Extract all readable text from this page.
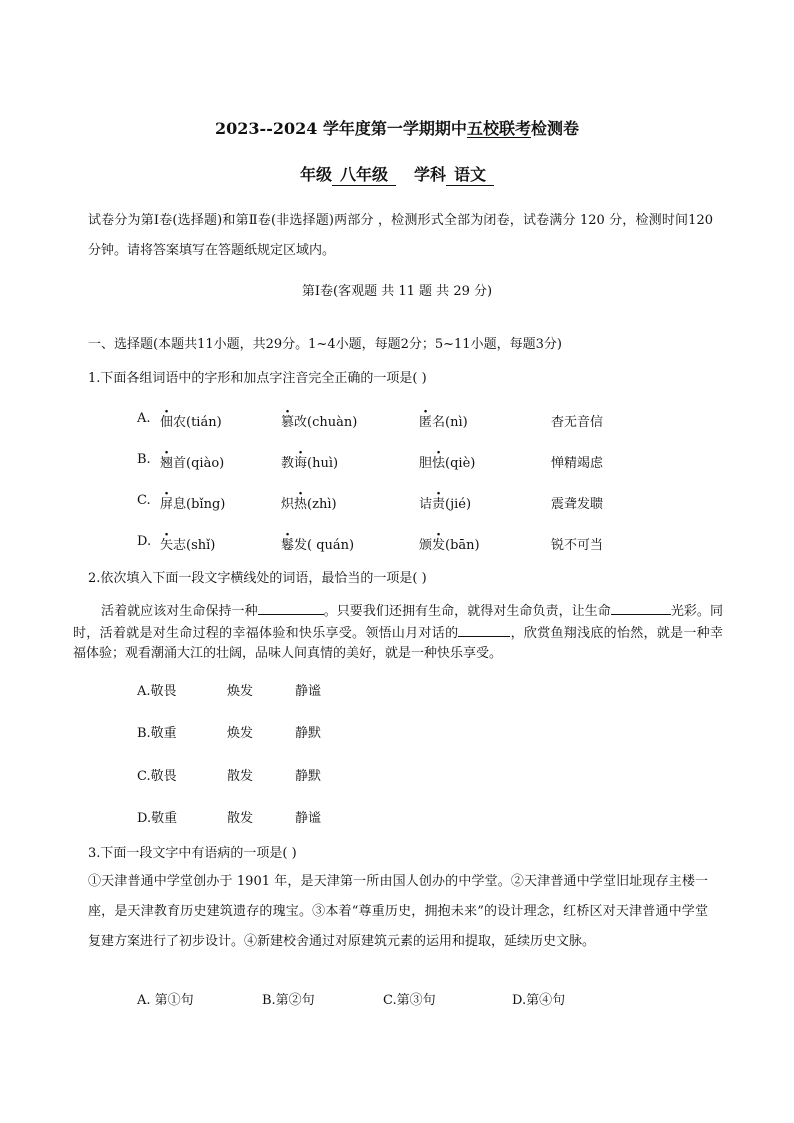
2023--2024 学年度第一学期期中五校联考检测卷
年级 八年级 学科 语文
试卷分为第Ⅰ卷(选择题)和第Ⅱ卷(非选择题)两部分 ，检测形式全部为闭卷，试卷满分 120 分，检测时间120分钟。请将答案填写在答题纸规定区域内。
第Ⅰ卷(客观题 共 11 题 共 29 分)
一、选择题(本题共11小题，共29分。1~4小题，每题2分；5~11小题，每题3分)
1.下面各组词语中的字形和加点字注音完全正确的一项是( )
A. 佃农(tián)	篡改(chuàn)	匿名(nì)	杳无音信
B. 翘首(qiào)	教诲(huì)	胆怯(qiè)	惮精竭虑
C. 屏息(bǐng)	炽热(zhì)	诘责(jié)	震聋发聩
D. 矢志(shǐ)	鬈发( quán)	颁发(bān)	锐不可当
2.依次填入下面一段文字横线处的词语，最恰当的一项是( )
活着就应该对生命保持一种	。只要我们还拥有生命，就得对生命负责，让生命	光彩。同时，活着就是对生命过程的幸福体验和快乐享受。领悟山月对话的	，欣赏鱼翔浅底的怡然，就是一种幸福体验；观看潮涌大江的壮阔，品味人间真情的美好，就是一种快乐享受。
A.敬畏	焕发	静谧
B.敬重	焕发	静默
C.敬畏	散发	静默
D.敬重	散发	静谧
3.下面一段文字中有语病的一项是( )
①天津普通中学堂创办于 1901 年，是天津第一所由国人创办的中学堂。②天津普通中学堂旧址现存主楼一座，是天津教育历史建筑遗存的瑰宝。③本着“尊重历史，拥抱未来”的设计理念，红桥区对天津普通中学堂复建方案进行了初步设计。④新建校舍通过对原建筑元素的运用和提取，延续历史文脉。
A. 第①句	B.第②句	C.第③句	D.第④句
